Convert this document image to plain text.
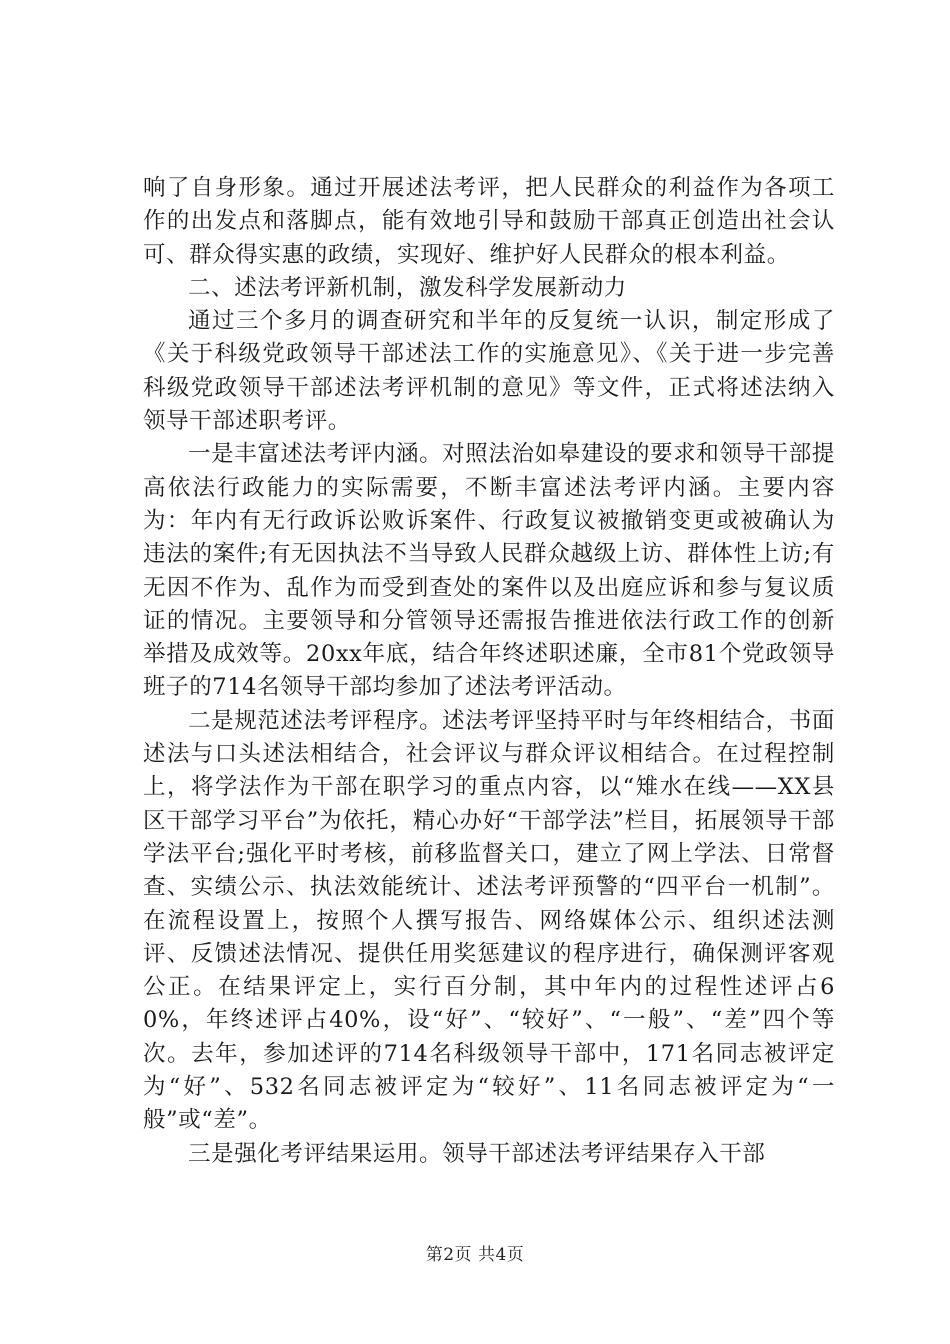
响了自身形象。通过开展述法考评，把人民群众的利益作为各项工作的出发点和落脚点，能有效地引导和鼓励干部真正创造出社会认可、群众得实惠的政绩，实现好、维护好人民群众的根本利益。

二、述法考评新机制，激发科学发展新动力

通过三个多月的调查研究和半年的反复统一认识，制定形成了《关于科级党政领导干部述法工作的实施意见》、《关于进一步完善科级党政领导干部述法考评机制的意见》等文件，正式将述法纳入领导干部述职考评。

一是丰富述法考评内涵。对照法治如皋建设的要求和领导干部提高依法行政能力的实际需要，不断丰富述法考评内涵。主要内容为：年内有无行政诉讼败诉案件、行政复议被撤销变更或被确认为违法的案件;有无因执法不当导致人民群众越级上访、群体性上访;有无因不作为、乱作为而受到查处的案件以及出庭应诉和参与复议质证的情况。主要领导和分管领导还需报告推进依法行政工作的创新举措及成效等。20xx年底，结合年终述职述廉，全市81个党政领导班子的714名领导干部均参加了述法考评活动。

二是规范述法考评程序。述法考评坚持平时与年终相结合，书面述法与口头述法相结合，社会评议与群众评议相结合。在过程控制上，将学法作为干部在职学习的重点内容，以“雉水在线——XX县区干部学习平台”为依托，精心办好“干部学法”栏目，拓展领导干部学法平台;强化平时考核，前移监督关口，建立了网上学法、日常督查、实绩公示、执法效能统计、述法考评预警的“四平台一机制”。在流程设置上，按照个人撰写报告、网络媒体公示、组织述法测评、反馈述法情况、提供任用奖惩建议的程序进行，确保测评客观公正。在结果评定上，实行百分制，其中年内的过程性述评占60%，年终述评占40%，设“好”、“较好”、“一般”、“差”四个等次。去年，参加述评的714名科级领导干部中，171名同志被评定为“好”、532名同志被评定为“较好”、11名同志被评定为“一般”或“差”。

三是强化考评结果运用。领导干部述法考评结果存入干部

第2页 共4页
